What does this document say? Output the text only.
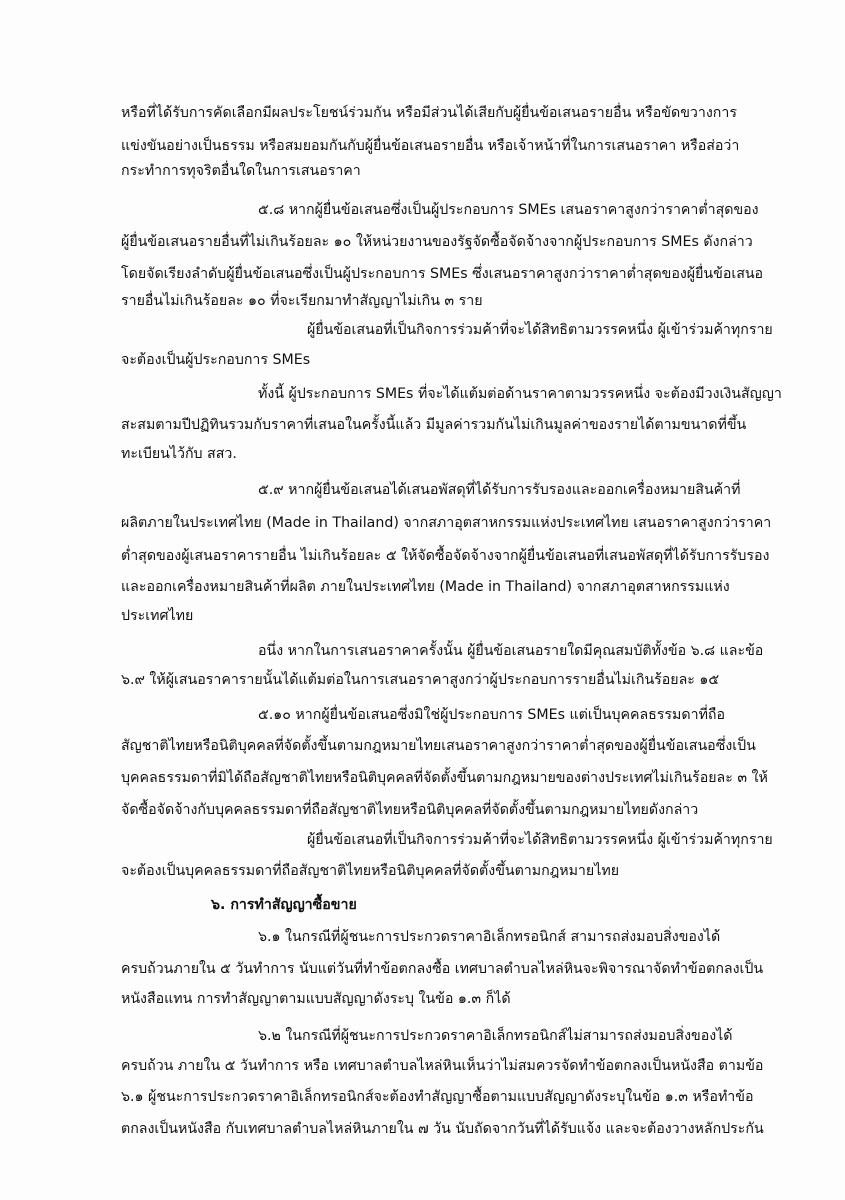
หรือที่ได้รับการคัดเลือกมีผลประโยชน์ร่วมกัน หรือมีส่วนได้เสียกับผู้ยื่นข้อเสนอรายอื่น หรือขัดขวางการ
แข่งขันอย่างเป็นธรรม หรือสมยอมกันกับผู้ยื่นข้อเสนอรายอื่น หรือเจ้าหน้าที่ในการเสนอราคา หรือส่อว่า
กระทำการทุจริตอื่นใดในการเสนอราคา
๕.๘ หากผู้ยื่นข้อเสนอซึ่งเป็นผู้ประกอบการ SMEs เสนอราคาสูงกว่าราคาต่ำสุดของ
ผู้ยื่นข้อเสนอรายอื่นที่ไม่เกินร้อยละ ๑๐ ให้หน่วยงานของรัฐจัดซื้อจัดจ้างจากผู้ประกอบการ SMEs ดังกล่าว
โดยจัดเรียงลำดับผู้ยื่นข้อเสนอซึ่งเป็นผู้ประกอบการ SMEs ซึ่งเสนอราคาสูงกว่าราคาต่ำสุดของผู้ยื่นข้อเสนอ
รายอื่นไม่เกินร้อยละ ๑๐ ที่จะเรียกมาทำสัญญาไม่เกิน ๓ ราย
ผู้ยื่นข้อเสนอที่เป็นกิจการร่วมค้าที่จะได้สิทธิตามวรรคหนึ่ง ผู้เข้าร่วมค้าทุกราย
จะต้องเป็นผู้ประกอบการ SMEs
ทั้งนี้ ผู้ประกอบการ SMEs ที่จะได้แต้มต่อด้านราคาตามวรรคหนึ่ง จะต้องมีวงเงินสัญญา
สะสมตามปีปฏิทินรวมกับราคาที่เสนอในครั้งนี้แล้ว มีมูลค่ารวมกันไม่เกินมูลค่าของรายได้ตามขนาดที่ขึ้น
ทะเบียนไว้กับ สสว.
๕.๙ หากผู้ยื่นข้อเสนอได้เสนอพัสดุที่ได้รับการรับรองและออกเครื่องหมายสินค้าที่
ผลิตภายในประเทศไทย (Made in Thailand) จากสภาอุตสาหกรรมแห่งประเทศไทย เสนอราคาสูงกว่าราคา
ต่ำสุดของผู้เสนอราคารายอื่น ไม่เกินร้อยละ ๕ ให้จัดซื้อจัดจ้างจากผู้ยื่นข้อเสนอที่เสนอพัสดุที่ได้รับการรับรอง
และออกเครื่องหมายสินค้าที่ผลิต ภายในประเทศไทย (Made in Thailand) จากสภาอุตสาหกรรมแห่ง
ประเทศไทย
อนึ่ง หากในการเสนอราคาครั้งนั้น ผู้ยื่นข้อเสนอรายใดมีคุณสมบัติทั้งข้อ ๖.๘ และข้อ
๖.๙ ให้ผู้เสนอราคารายนั้นได้แต้มต่อในการเสนอราคาสูงกว่าผู้ประกอบการรายอื่นไม่เกินร้อยละ ๑๕
๕.๑๐ หากผู้ยื่นข้อเสนอซึ่งมิใช่ผู้ประกอบการ SMEs แต่เป็นบุคคลธรรมดาที่ถือ
สัญชาติไทยหรือนิติบุคคลที่จัดตั้งขึ้นตามกฎหมายไทยเสนอราคาสูงกว่าราคาต่ำสุดของผู้ยื่นข้อเสนอซึ่งเป็น
บุคคลธรรมดาที่มิได้ถือสัญชาติไทยหรือนิติบุคคลที่จัดตั้งขึ้นตามกฎหมายของต่างประเทศไม่เกินร้อยละ ๓ ให้
จัดซื้อจัดจ้างกับบุคคลธรรมดาที่ถือสัญชาติไทยหรือนิติบุคคลที่จัดตั้งขึ้นตามกฎหมายไทยดังกล่าว
ผู้ยื่นข้อเสนอที่เป็นกิจการร่วมค้าที่จะได้สิทธิตามวรรคหนึ่ง ผู้เข้าร่วมค้าทุกราย
จะต้องเป็นบุคคลธรรมดาที่ถือสัญชาติไทยหรือนิติบุคคลที่จัดตั้งขึ้นตามกฎหมายไทย
๖. การทำสัญญาซื้อขาย
๖.๑ ในกรณีที่ผู้ชนะการประกวดราคาอิเล็กทรอนิกส์ สามารถส่งมอบสิ่งของได้
ครบถ้วนภายใน ๕ วันทำการ นับแต่วันที่ทำข้อตกลงซื้อ เทศบาลตำบลไหล่หินจะพิจารณาจัดทำข้อตกลงเป็น
หนังสือแทน การทำสัญญาตามแบบสัญญาดังระบุ ในข้อ ๑.๓ ก็ได้
๖.๒ ในกรณีที่ผู้ชนะการประกวดราคาอิเล็กทรอนิกส์ไม่สามารถส่งมอบสิ่งของได้
ครบถ้วน ภายใน ๕ วันทำการ หรือ เทศบาลตำบลไหล่หินเห็นว่าไม่สมควรจัดทำข้อตกลงเป็นหนังสือ ตามข้อ
๖.๑ ผู้ชนะการประกวดราคาอิเล็กทรอนิกส์จะต้องทำสัญญาซื้อตามแบบสัญญาดังระบุในข้อ ๑.๓ หรือทำข้อ
ตกลงเป็นหนังสือ กับเทศบาลตำบลไหล่หินภายใน ๗ วัน นับถัดจากวันที่ได้รับแจ้ง และจะต้องวางหลักประกัน
